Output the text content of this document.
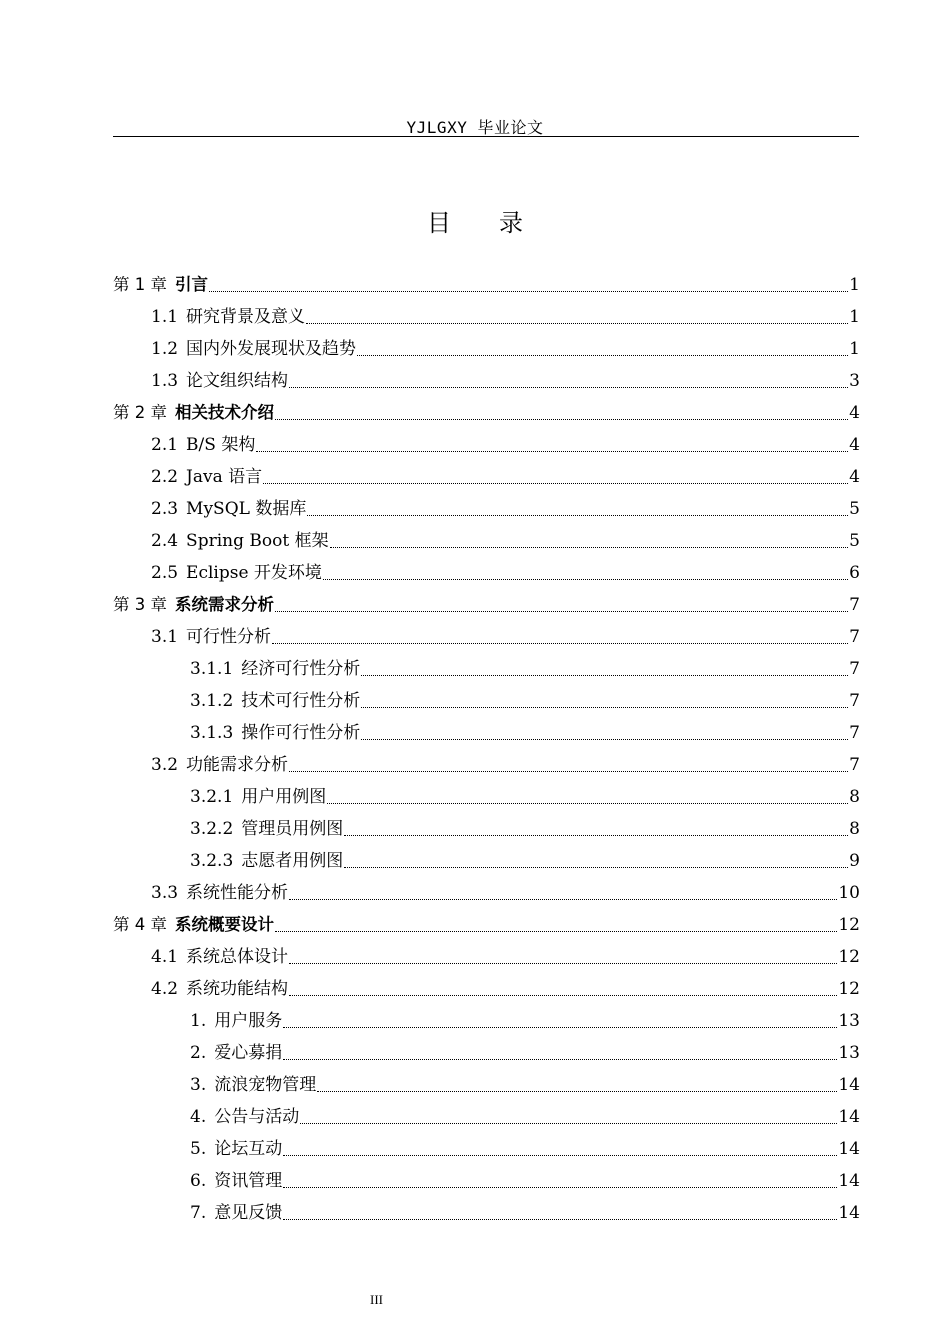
YJLGXY 毕业论文
目录
第 1 章 引言	1
1.1 研究背景及意义	1
1.2 国内外发展现状及趋势	1
1.3 论文组织结构	3
第 2 章 相关技术介绍	4
2.1 B/S 架构	4
2.2 Java 语言	4
2.3 MySQL 数据库	5
2.4 Spring Boot 框架	5
2.5 Eclipse 开发环境	6
第 3 章 系统需求分析	7
3.1 可行性分析	7
3.1.1 经济可行性分析	7
3.1.2 技术可行性分析	7
3.1.3 操作可行性分析	7
3.2 功能需求分析	7
3.2.1 用户用例图	8
3.2.2 管理员用例图	8
3.2.3 志愿者用例图	9
3.3 系统性能分析	10
第 4 章 系统概要设计	12
4.1 系统总体设计	12
4.2 系统功能结构	12
1. 用户服务	13
2. 爱心募捐	13
3. 流浪宠物管理	14
4. 公告与活动	14
5. 论坛互动	14
6. 资讯管理	14
7. 意见反馈	14
III
